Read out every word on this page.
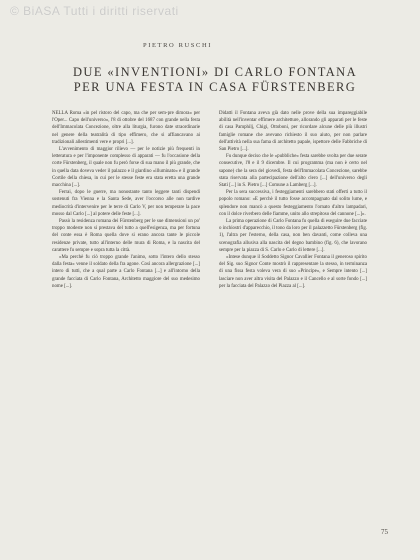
© BiASA Tutti i diritti riservati
PIETRO RUSCHI
DUE «INVENTIONI» DI CARLO FONTANA
PER UNA FESTA IN CASA FÜRSTENBERG

NELLA Roma «in pel ristoro del capo, ma che per sem-pre dimora» per l'Oper... Capo dell'universo», l'8 di ottobre del 1687 con grande nella festa dell'Immacolata Concezione, oltre alla liturgia, furono date straordinarie nel genere della teatralità di tipo effimero, che si affiancavano ai tradizionali allestimenti vere e propri [...].

L'avvenimento di maggior rilievo — per le notizie più frequenti in letteratura e per l'imponente complesso di apparati — fu l'occasione della corte Fürstenberg, il quale non fu però forse di sua mano il più grande, che in quella data doveva veder il palazzo e il giardino «illuminato» e il grande Cortile della chiesa, in cui per le stesse feste era stata eretta una grande macchina [...].

Ferrai, dopo le guerre, ma nonostante tanto leggere tanti dispendi sostenuti fra Vienna e la Santa Sede, aver l'occorso alle non tardive mediocrità d'intervenire per le terre di Carlo V, per non temperare la pace mosso dal Carlo [...] al potere delle feste [...].

Passò la residenza romana dei Fürstenberg per le sue dimensioni un po' troppo modeste non si prestava del tutto a quell'esigenza, ma per fortuna del conte essa è Roma quella dove si erano ancora tante le piccole residenze private, tutto all'interno delle mura di Roma, e la nascita del carattere fu sempre e sopra tutta la città.

«Ma perchè fu ciò troppo grande l'animo, sotto l'intero dello stesso dalla festa» venne il soldato della fra agone. Così ancora allergrazione [...] intero di tutti, che a qual parte a Carlo Fontana [...] e all'intorno della grande facciata di Carlo Fontana, Architetto maggiore del suo medesimo nome [...].

Didatti il Fontana aveva già dato nelle prove della sua impareggiabile abilità nell'inventar effimere architetture, allorando gli apparati per le feste di casa Pamphilj, Chigi, Ottoboni, per ricordare alcune delle più illustri famiglie romane che avevano richiesto il suo aiuto, per non parlare dell'attività nella sua fama di architetto papale, ispettore delle Fabbriche di San Pietro [...].

Fu dunque deciso che le «pubbliche» festa sarebbe svolta per due serate consecutive, l'8 e il 9 dicembre. Il cui programma (ma non è certo nel sapone) che la sera del giovedì, festa dell'Immacolata Concezione, sarebbe stata riservata alla partecipazione dell'alto clero [...] dell'universo degli Stati [...] in S. Pietro [...] Comune a Lamberg [...].

Per la sera successiva, i festeggiamenti sarebbero stati offerti a tutto il popolo romano: «E perchè il tutto fosse accompagnato dal solito lume, e splendore non mancò a questo festeggiamento l'ornato d'altro lampadari, con il dolce riverbero delle fiamme, unito allo strepitoso del cannone [...]».

La prima operazione di Carlo Fontana fu quella di eseguire due facciate o inchiostri d'apparecchio, il tono da loro per il palazzetto Fürstenberg (fig. 1), l'altra per l'esterno, della casa, non ben davanti, come colleva una scenografia allusiva alla nascita del degno bambino (fig. 6), che lavorano sempre per la piazza di S. Carlo e Carlo di lettere [...].

«Intese dunque il Soddetto Signor Cavallier Fontana il generoso spirito del Sig. suo Signor Conte mostrò il rappresentare la stesso, in terminanza di una fissa festa voleva vera di suo «Principe», e Sempre intento [...] lasciare non aver altra visita del Palazzo e il Cancello e al sorte fondo [...] per la facciata del Palazzo del Piazza al [...].

75
